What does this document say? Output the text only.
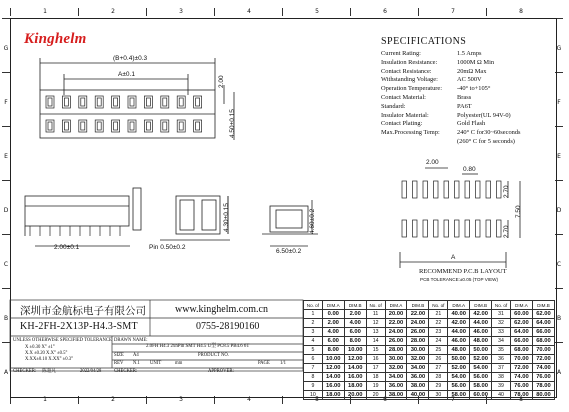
1	2	3	4	5	6	7	8
1	2	3	4	5	6	7	8
G
F
E
D
C
B
A
G
F
E
D
C
B
A
Kinghelm
(B+0.4)±0.3
A±0.1
2.00
4.50±0.15
2.00±0.1	Pin 0.50±0.2
4.30±0.15	4.60±0.2
6.50±0.2
2.00
0.80
2.70
7.50
2.70
A
RECOMMEND P.C.B LAYOUT
PCB TOLERANCE:±0.05 (TOP VIEW)
SPECIFICATIONS
Current Rating:	1.5 Amps
Insulation Resistance:	1000M Ω Min
Contact Resistance:	20mΩ Max
Withstanding Voltage:	AC 500V
Operation Temperature: -40° to+105°
Contact Material:	Brass
Standard:	PA6T
Insulator Material:	Polyester(UL 94V-0)
Contact Plating:	Gold Flash
Max.Processing Temp:	240° C for30~60seconds
(260° C for 5 seconds)
深圳市金航标电子有限公司	www.kinghelm.com.cn
KH-2FH-2X13P-H4.3-SMT	0755-28190160
UNLESS OTHERWISE SPECIFIED TOLERANCE
X ±0.30 X° ±1°
X.X ±0.20 X.X° ±0.5°
X.XX±0.10 X.XX° ±0.3°
DRAWN NAME:
2.0FH H4.3 2xnPin SMT H4.5 U型 PC8.5 PB4.6 6T
SIZE A4
REV N.1 UNIT	mm
PRODUCT NO.
PAGE 1/1
CHECKER: 陈超凡	2022/04/28	CHECKER:	APPROVER:
No. of	DIM.A	DIM.B	No. of	DIM.A	DIM.B	No. of	DIM.A	DIM.B	No. of	DIM.A	DIM.B
1	0.00	2.00	11	20.00	22.00	21	40.00	42.00	31	60.00	62.00
2	2.00	4.00	12	22.00	24.00	22	42.00	44.00	32	62.00	64.00
3	4.00	6.00	13	24.00	26.00	23	44.00	46.00	33	64.00	66.00
4	6.00	8.00	14	26.00	28.00	24	46.00	48.00	34	66.00	68.00
5	8.00	10.00	15	28.00	30.00	25	48.00	50.00	35	68.00	70.00
6	10.00	12.00	16	30.00	32.00	26	50.00	52.00	36	70.00	72.00
7	12.00	14.00	17	32.00	34.00	27	52.00	54.00	37	72.00	74.00
8	14.00	16.00	18	34.00	36.00	28	54.00	56.00	38	74.00	76.00
9	16.00	18.00	19	36.00	38.00	29	56.00	58.00	39	76.00	78.00
10	18.00	20.00	20	38.00	40.00	30	58.00	60.00	40	78.00	80.00
